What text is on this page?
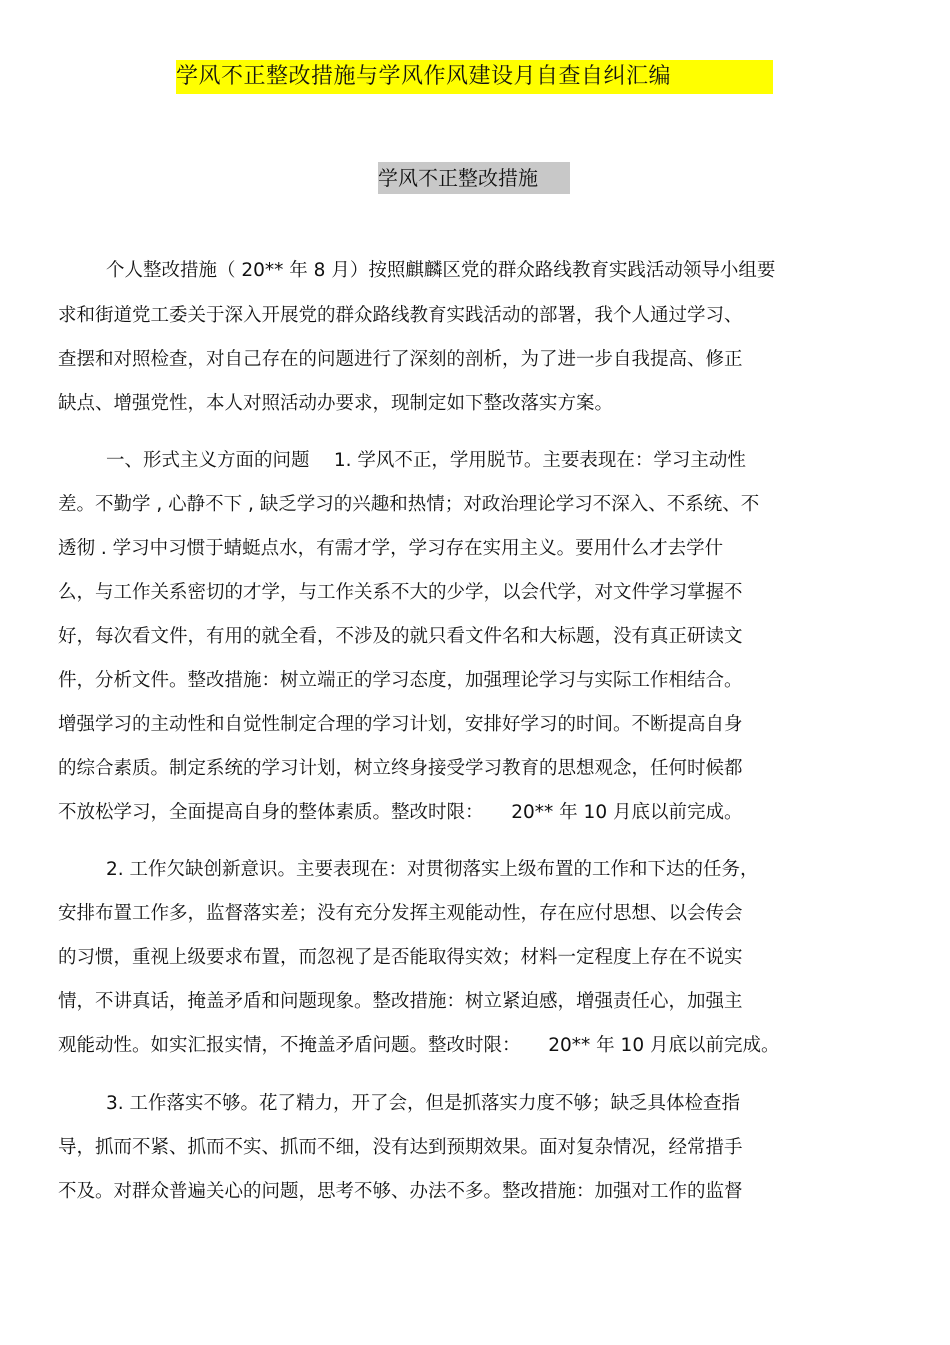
学风不正整改措施与学风作风建设月自查自纠汇编
学风不正整改措施
个人整改措施（ 20** 年 8 月）按照麒麟区党的群众路线教育实践活动领导小组要
求和街道党工委关于深入开展党的群众路线教育实践活动的部署，我个人通过学习、
查摆和对照检查，对自己存在的问题进行了深刻的剖析，为了进一步自我提高、修正
缺点、增强党性，本人对照活动办要求，现制定如下整改落实方案。
一、形式主义方面的问题　 1. 学风不正，学用脱节。主要表现在：学习主动性
差。不勤学 , 心静不下 , 缺乏学习的兴趣和热情；对政治理论学习不深入、不系统、不
透彻 . 学习中习惯于蜻蜓点水，有需才学，学习存在实用主义。要用什么才去学什
么，与工作关系密切的才学，与工作关系不大的少学，以会代学，对文件学习掌握不
好，每次看文件，有用的就全看，不涉及的就只看文件名和大标题，没有真正研读文
件，分析文件。整改措施：树立端正的学习态度，加强理论学习与实际工作相结合。
增强学习的主动性和自觉性制定合理的学习计划，安排好学习的时间。不断提高自身
的综合素质。制定系统的学习计划，树立终身接受学习教育的思想观念，任何时候都
不放松学习，全面提高自身的整体素质。整改时限：　　20** 年 10 月底以前完成。
2. 工作欠缺创新意识。主要表现在：对贯彻落实上级布置的工作和下达的任务，
安排布置工作多，监督落实差；没有充分发挥主观能动性，存在应付思想、以会传会
的习惯，重视上级要求布置，而忽视了是否能取得实效；材料一定程度上存在不说实
情，不讲真话，掩盖矛盾和问题现象。整改措施：树立紧迫感，增强责任心，加强主
观能动性。如实汇报实情，不掩盖矛盾问题。整改时限：　　20** 年 10 月底以前完成。
3. 工作落实不够。花了精力，开了会，但是抓落实力度不够；缺乏具体检查指
导，抓而不紧、抓而不实、抓而不细，没有达到预期效果。面对复杂情况，经常措手
不及。对群众普遍关心的问题，思考不够、办法不多。整改措施：加强对工作的监督
